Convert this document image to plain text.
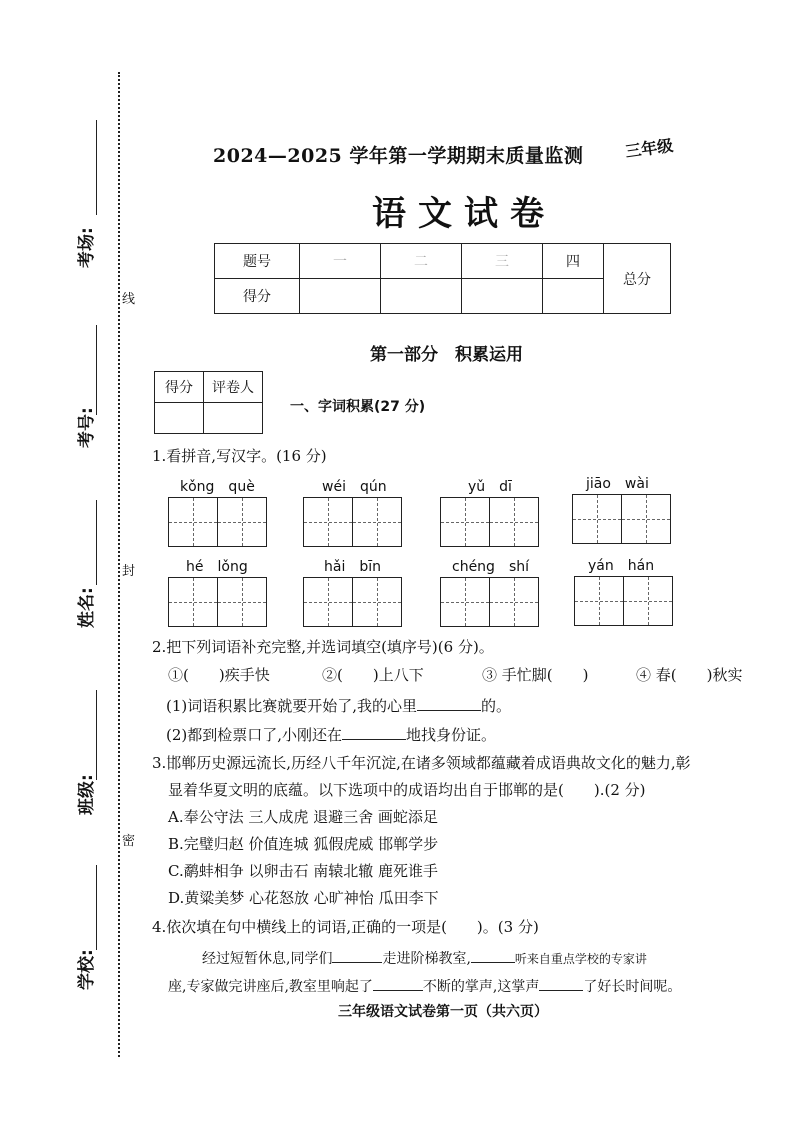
线
封
密
考场:
考号:
姓名:
班级:
学校:
2024—2025 学年第一学期期末质量监测	三年级
语文试卷
题号	一	二	三	四	总分
得分					
第一部分　积累运用
得分	评卷人

一、字词积累(27 分)
1.看拼音,写汉字。(16 分)
kǒng　què	wéi　qún	yǔ　dī	jiāo　wài
hé　lǒng	hǎi　bīn	chéng　shí	yán　hán
2.把下列词语补充完整,并选词填空(填序号)(6 分)。
①(　　)疾手快	②(　　)上八下	③ 手忙脚(　　)	④ 春(　　)秋实
(1)词语积累比赛就要开始了,我的心里	的。
(2)都到检票口了,小刚还在	地找身份证。
3.邯郸历史源远流长,历经八千年沉淀,在诸多领域都蕴藏着成语典故文化的魅力,彰
显着华夏文明的底蕴。以下选项中的成语均出自于邯郸的是(　　).(2 分)
A.奉公守法 三人成虎 退避三舍 画蛇添足
B.完璧归赵 价值连城 狐假虎威 邯郸学步
C.鹬蚌相争 以卵击石 南辕北辙 鹿死谁手
D.黄粱美梦 心花怒放 心旷神怡 瓜田李下
4.依次填在句中横线上的词语,正确的一项是(　　)。(3 分)
经过短暂休息,同学们	走进阶梯教室,	听来自重点学校的专家讲
座,专家做完讲座后,教室里响起了	不断的掌声,这掌声	了好长时间呢。
三年级语文试卷第一页（共六页）
